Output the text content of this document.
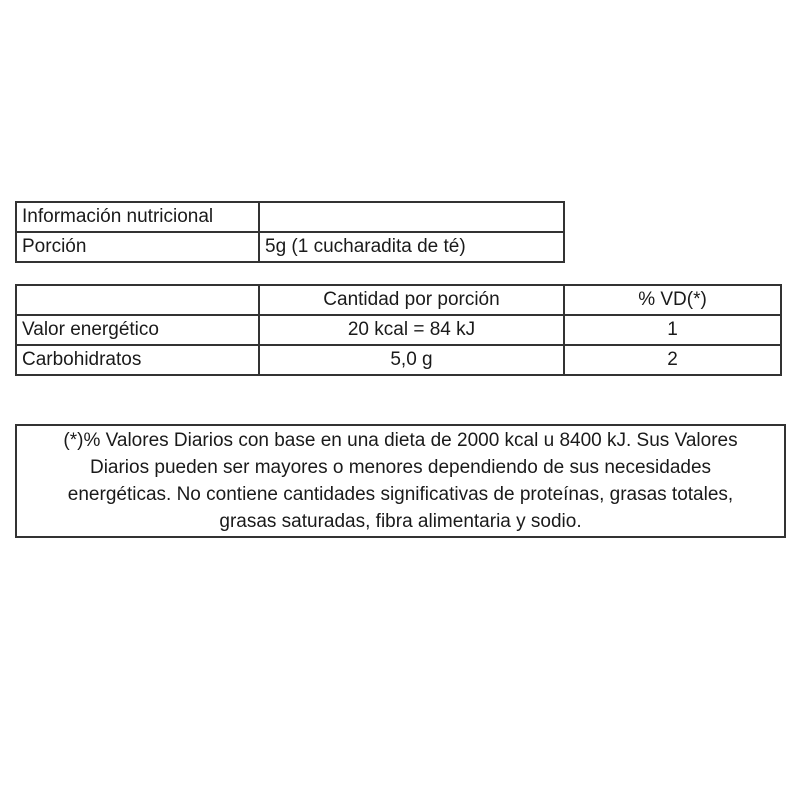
Información nutricional	
Porción	5g (1 cucharadita de té)
	Cantidad por porción	% VD(*)
Valor energético	20 kcal = 84 kJ	1
Carbohidratos	5,0 g	2
(*)% Valores Diarios con base en una dieta de 2000 kcal u 8400 kJ. Sus Valores
Diarios pueden ser mayores o menores dependiendo de sus necesidades
energéticas. No contiene cantidades significativas de proteínas, grasas totales,
grasas saturadas, fibra alimentaria y sodio.
